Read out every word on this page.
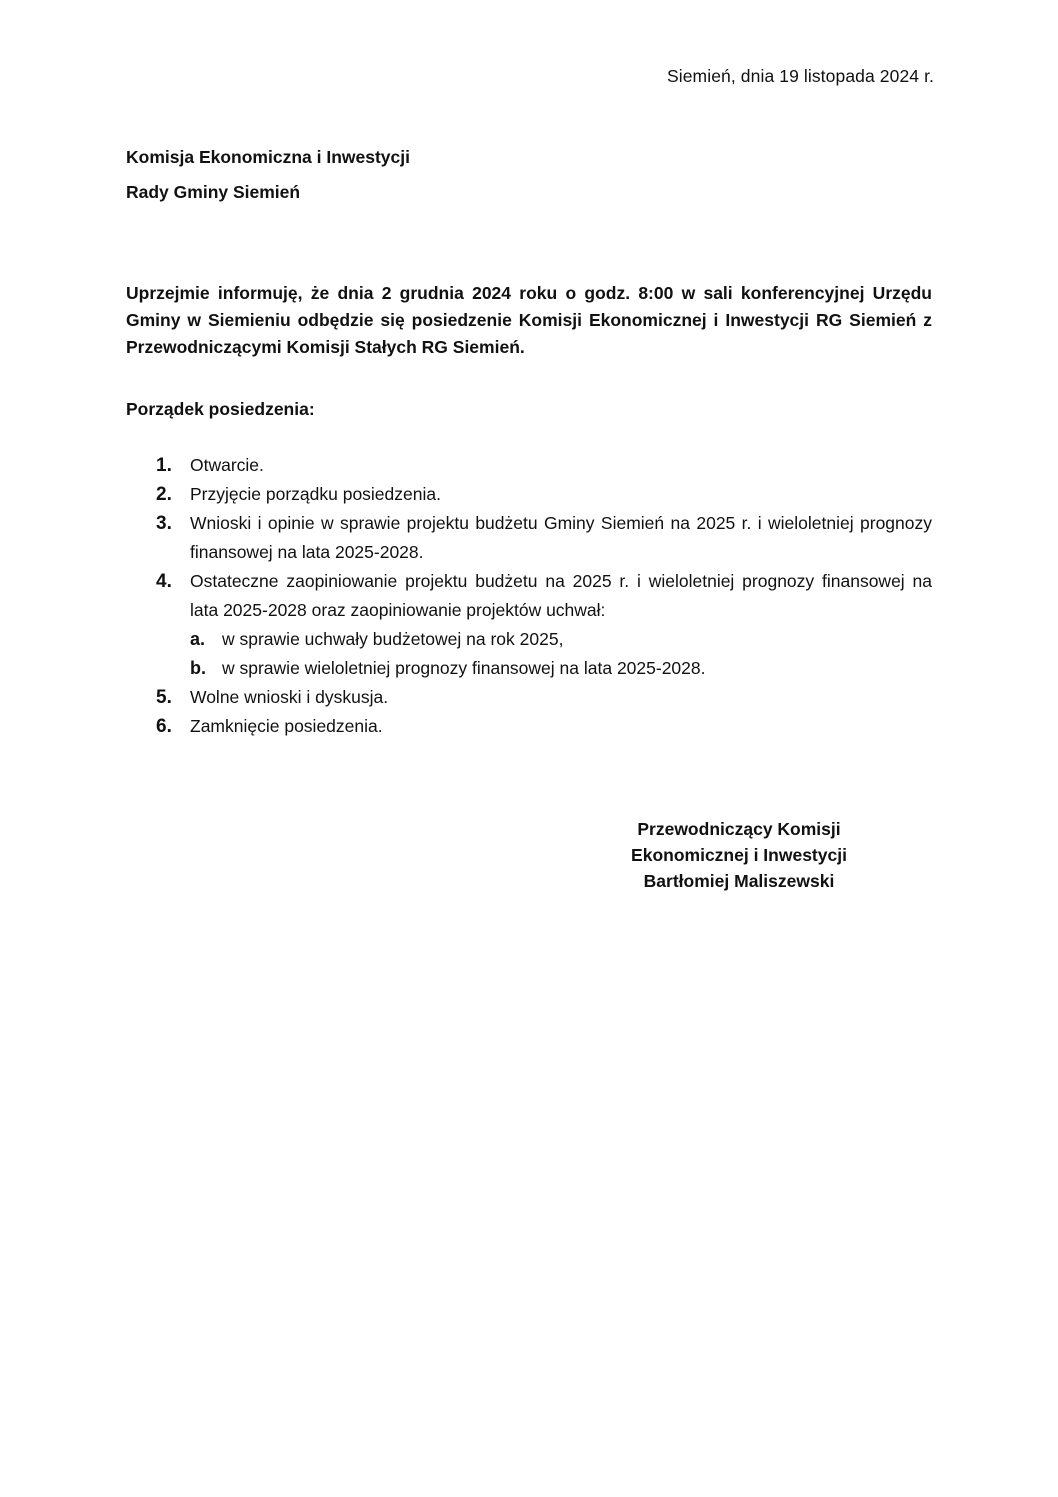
Siemień, dnia 19 listopada 2024 r.
Komisja Ekonomiczna i Inwestycji
Rady Gminy Siemień
Uprzejmie informuję, że dnia 2 grudnia 2024 roku o godz. 8:00 w sali konferencyjnej Urzędu Gminy w Siemieniu odbędzie się posiedzenie Komisji Ekonomicznej i Inwestycji RG Siemień z Przewodniczącymi Komisji Stałych RG Siemień.
Porządek posiedzenia:
1.	Otwarcie.
2.	Przyjęcie porządku posiedzenia.
3.	Wnioski i opinie w sprawie projektu budżetu Gminy Siemień na 2025 r. i wieloletniej prognozy finansowej na lata 2025-2028.
4.	Ostateczne zaopiniowanie projektu budżetu na 2025 r. i wieloletniej prognozy finansowej na lata 2025-2028 oraz zaopiniowanie projektów uchwał:
a. w sprawie uchwały budżetowej na rok 2025,
b. w sprawie wieloletniej prognozy finansowej na lata 2025-2028.
5.	Wolne wnioski i dyskusja.
6.	Zamknięcie posiedzenia.
Przewodniczący Komisji
Ekonomicznej i Inwestycji
Bartłomiej Maliszewski
